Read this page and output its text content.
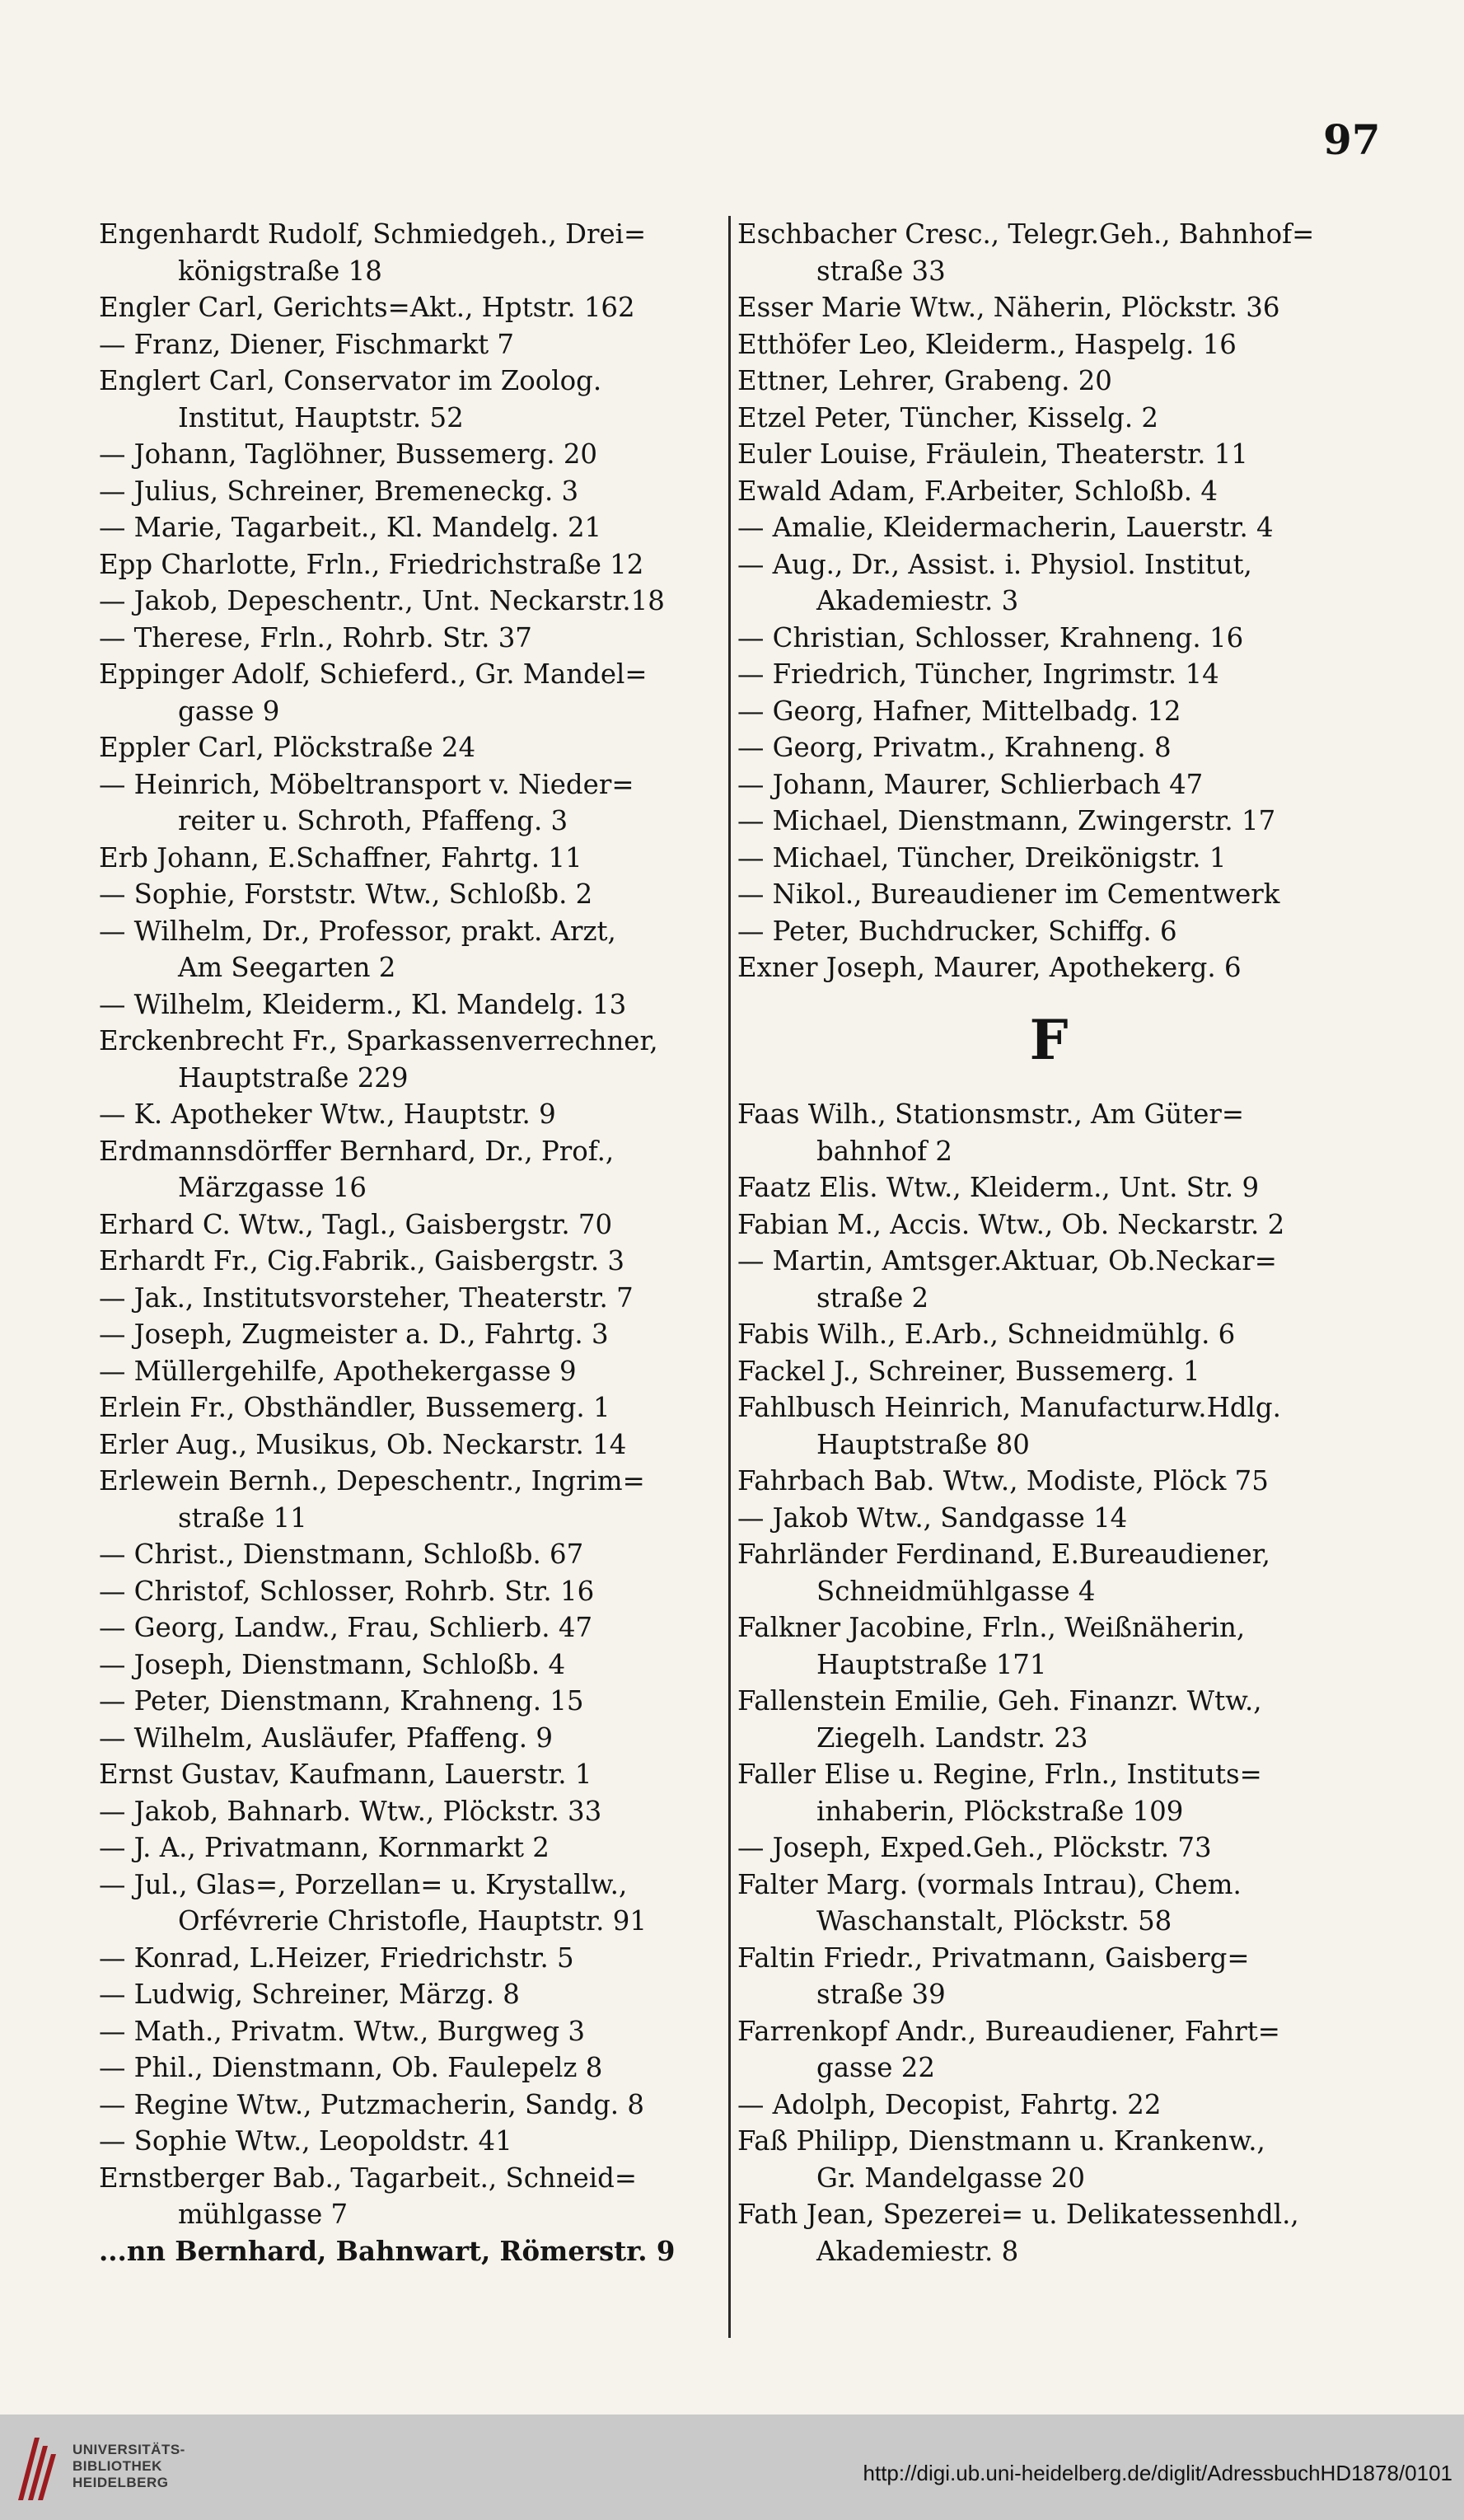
97
Engenhardt Rudolf, Schmiedgeh., Drei=
königstraße 18
Engler Carl, Gerichts=Akt., Hptstr. 162
— Franz, Diener, Fischmarkt 7
Englert Carl, Conservator im Zoolog.
Institut, Hauptstr. 52
— Johann, Taglöhner, Bussemerg. 20
— Julius, Schreiner, Bremeneckg. 3
— Marie, Tagarbeit., Kl. Mandelg. 21
Epp Charlotte, Frln., Friedrichstraße 12
— Jakob, Depeschentr., Unt. Neckarstr.18
— Therese, Frln., Rohrb. Str. 37
Eppinger Adolf, Schieferd., Gr. Mandel=
gasse 9
Eppler Carl, Plöckstraße 24
— Heinrich, Möbeltransport v. Nieder=
reiter u. Schroth, Pfaffeng. 3
Erb Johann, E.Schaffner, Fahrtg. 11
— Sophie, Forststr. Wtw., Schloßb. 2
— Wilhelm, Dr., Professor, prakt. Arzt,
Am Seegarten 2
— Wilhelm, Kleiderm., Kl. Mandelg. 13
Erckenbrecht Fr., Sparkassenverrechner,
Hauptstraße 229
— K. Apotheker Wtw., Hauptstr. 9
Erdmannsdörffer Bernhard, Dr., Prof.,
Märzgasse 16
Erhard C. Wtw., Tagl., Gaisbergstr. 70
Erhardt Fr., Cig.Fabrik., Gaisbergstr. 3
— Jak., Institutsvorsteher, Theaterstr. 7
— Joseph, Zugmeister a. D., Fahrtg. 3
— Müllergehilfe, Apothekergasse 9
Erlein Fr., Obsthändler, Bussemerg. 1
Erler Aug., Musikus, Ob. Neckarstr. 14
Erlewein Bernh., Depeschentr., Ingrim=
straße 11
— Christ., Dienstmann, Schloßb. 67
— Christof, Schlosser, Rohrb. Str. 16
— Georg, Landw., Frau, Schlierb. 47
— Joseph, Dienstmann, Schloßb. 4
— Peter, Dienstmann, Krahneng. 15
— Wilhelm, Ausläufer, Pfaffeng. 9
Ernst Gustav, Kaufmann, Lauerstr. 1
— Jakob, Bahnarb. Wtw., Plöckstr. 33
— J. A., Privatmann, Kornmarkt 2
— Jul., Glas=, Porzellan= u. Krystallw.,
Orfévrerie Christofle, Hauptstr. 91
— Konrad, L.Heizer, Friedrichstr. 5
— Ludwig, Schreiner, Märzg. 8
— Math., Privatm. Wtw., Burgweg 3
— Phil., Dienstmann, Ob. Faulepelz 8
— Regine Wtw., Putzmacherin, Sandg. 8
— Sophie Wtw., Leopoldstr. 41
Ernstberger Bab., Tagarbeit., Schneid=
mühlgasse 7
...nn Bernhard, Bahnwart, Römerstr. 9
Eschbacher Cresc., Telegr.Geh., Bahnhof=
straße 33
Esser Marie Wtw., Näherin, Plöckstr. 36
Etthöfer Leo, Kleiderm., Haspelg. 16
Ettner, Lehrer, Grabeng. 20
Etzel Peter, Tüncher, Kisselg. 2
Euler Louise, Fräulein, Theaterstr. 11
Ewald Adam, F.Arbeiter, Schloßb. 4
— Amalie, Kleidermacherin, Lauerstr. 4
— Aug., Dr., Assist. i. Physiol. Institut,
Akademiestr. 3
— Christian, Schlosser, Krahneng. 16
— Friedrich, Tüncher, Ingrimstr. 14
— Georg, Hafner, Mittelbadg. 12
— Georg, Privatm., Krahneng. 8
— Johann, Maurer, Schlierbach 47
— Michael, Dienstmann, Zwingerstr. 17
— Michael, Tüncher, Dreikönigstr. 1
— Nikol., Bureaudiener im Cementwerk
— Peter, Buchdrucker, Schiffg. 6
Exner Joseph, Maurer, Apothekerg. 6
F
Faas Wilh., Stationsmstr., Am Güter=
bahnhof 2
Faatz Elis. Wtw., Kleiderm., Unt. Str. 9
Fabian M., Accis. Wtw., Ob. Neckarstr. 2
— Martin, Amtsger.Aktuar, Ob.Neckar=
straße 2
Fabis Wilh., E.Arb., Schneidmühlg. 6
Fackel J., Schreiner, Bussemerg. 1
Fahlbusch Heinrich, Manufacturw.Hdlg.
Hauptstraße 80
Fahrbach Bab. Wtw., Modiste, Plöck 75
— Jakob Wtw., Sandgasse 14
Fahrländer Ferdinand, E.Bureaudiener,
Schneidmühlgasse 4
Falkner Jacobine, Frln., Weißnäherin,
Hauptstraße 171
Fallenstein Emilie, Geh. Finanzr. Wtw.,
Ziegelh. Landstr. 23
Faller Elise u. Regine, Frln., Instituts=
inhaberin, Plöckstraße 109
— Joseph, Exped.Geh., Plöckstr. 73
Falter Marg. (vormals Intrau), Chem.
Waschanstalt, Plöckstr. 58
Faltin Friedr., Privatmann, Gaisberg=
straße 39
Farrenkopf Andr., Bureaudiener, Fahrt=
gasse 22
— Adolph, Decopist, Fahrtg. 22
Faß Philipp, Dienstmann u. Krankenw.,
Gr. Mandelgasse 20
Fath Jean, Spezerei= u. Delikatessenhdl.,
Akademiestr. 8
UNIVERSITÄTS-
BIBLIOTHEK
HEIDELBERG	http://digi.ub.uni-heidelberg.de/diglit/AdressbuchHD1878/0101
